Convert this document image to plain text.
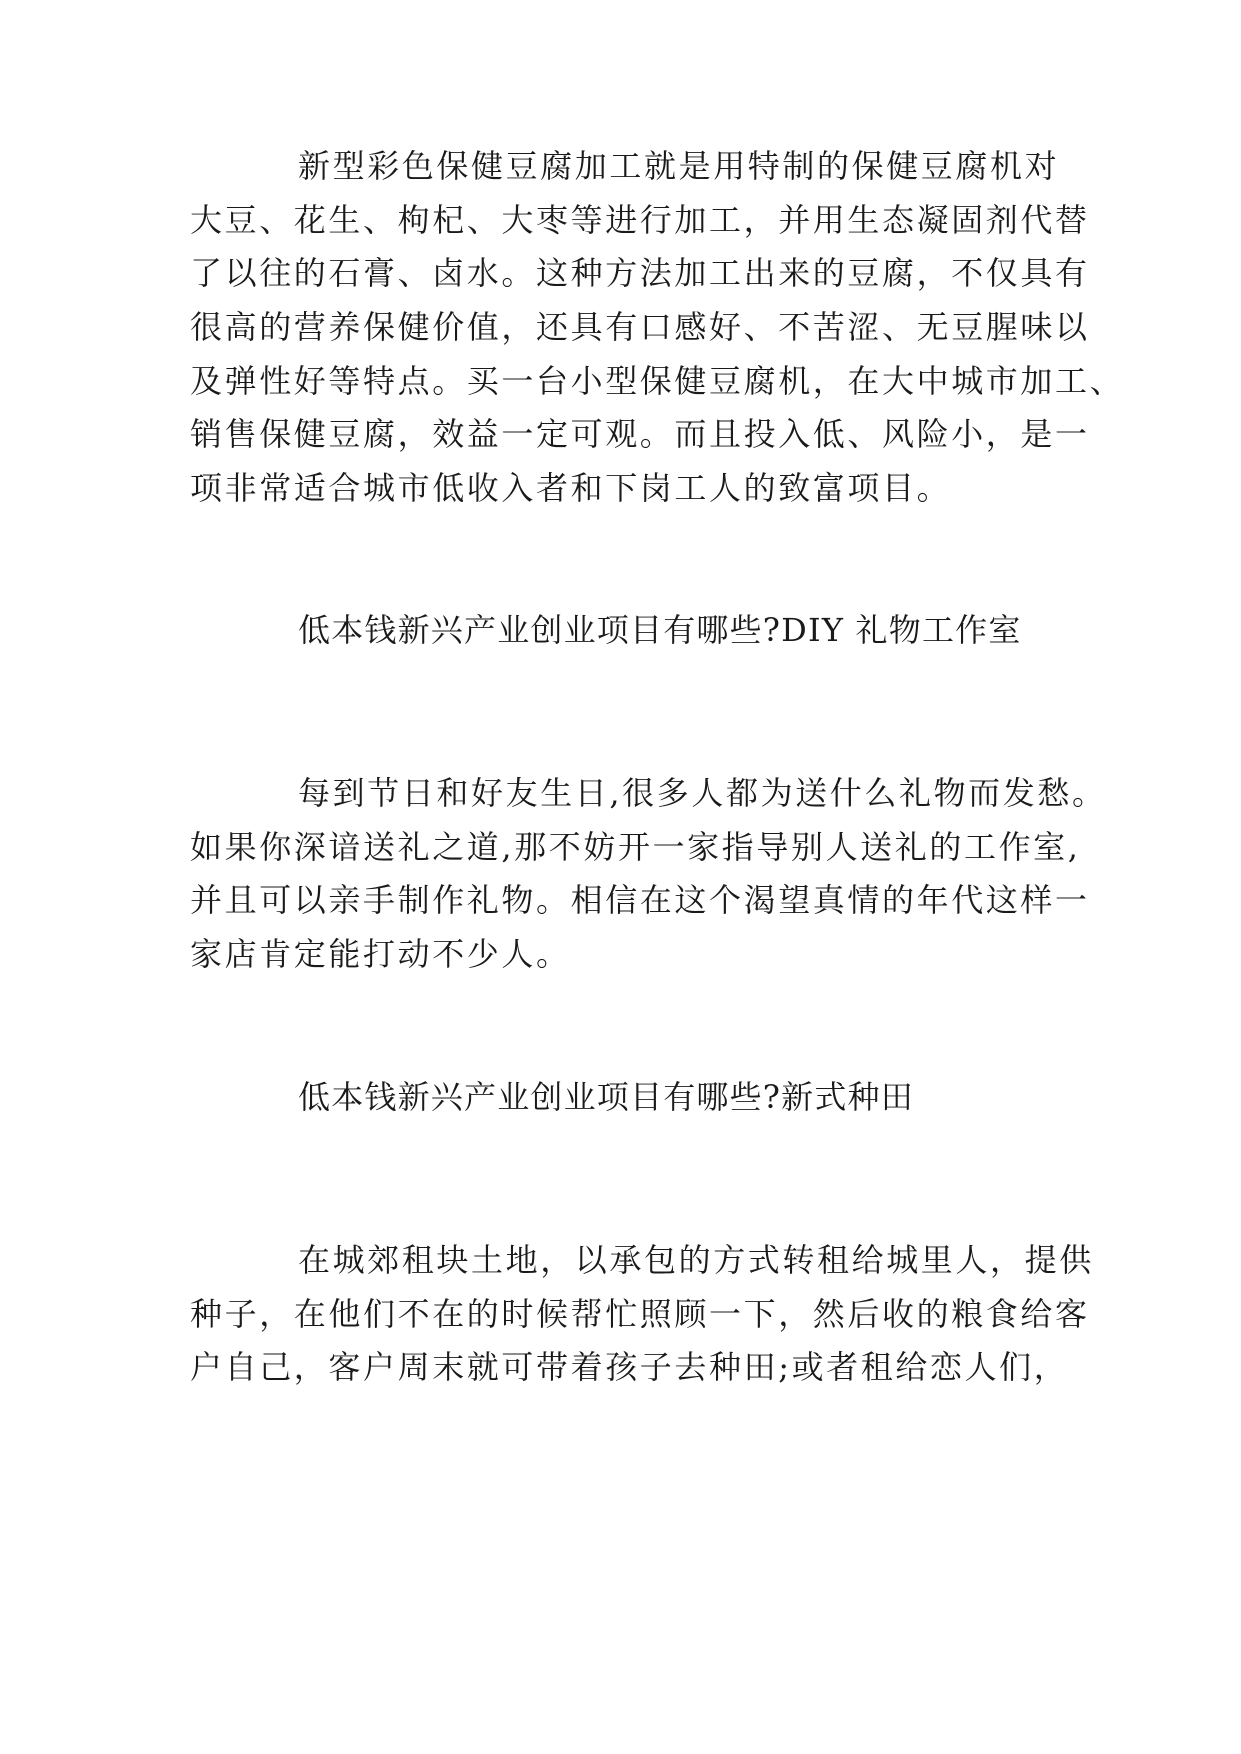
新型彩色保健豆腐加工就是用特制的保健豆腐机对
大豆、花生、枸杞、大枣等进行加工，并用生态凝固剂代替
了以往的石膏、卤水。这种方法加工出来的豆腐，不仅具有
很高的营养保健价值，还具有口感好、不苦涩、无豆腥味以
及弹性好等特点。买一台小型保健豆腐机，在大中城市加工、
销售保健豆腐，效益一定可观。而且投入低、风险小，是一
项非常适合城市低收入者和下岗工人的致富项目。
低本钱新兴产业创业项目有哪些?DIY 礼物工作室
每到节日和好友生日,很多人都为送什么礼物而发愁。
如果你深谙送礼之道,那不妨开一家指导别人送礼的工作室,
并且可以亲手制作礼物。相信在这个渴望真情的年代这样一
家店肯定能打动不少人。
低本钱新兴产业创业项目有哪些?新式种田
在城郊租块土地，以承包的方式转租给城里人，提供
种子，在他们不在的时候帮忙照顾一下，然后收的粮食给客
户自己，客户周末就可带着孩子去种田;或者租给恋人们，
